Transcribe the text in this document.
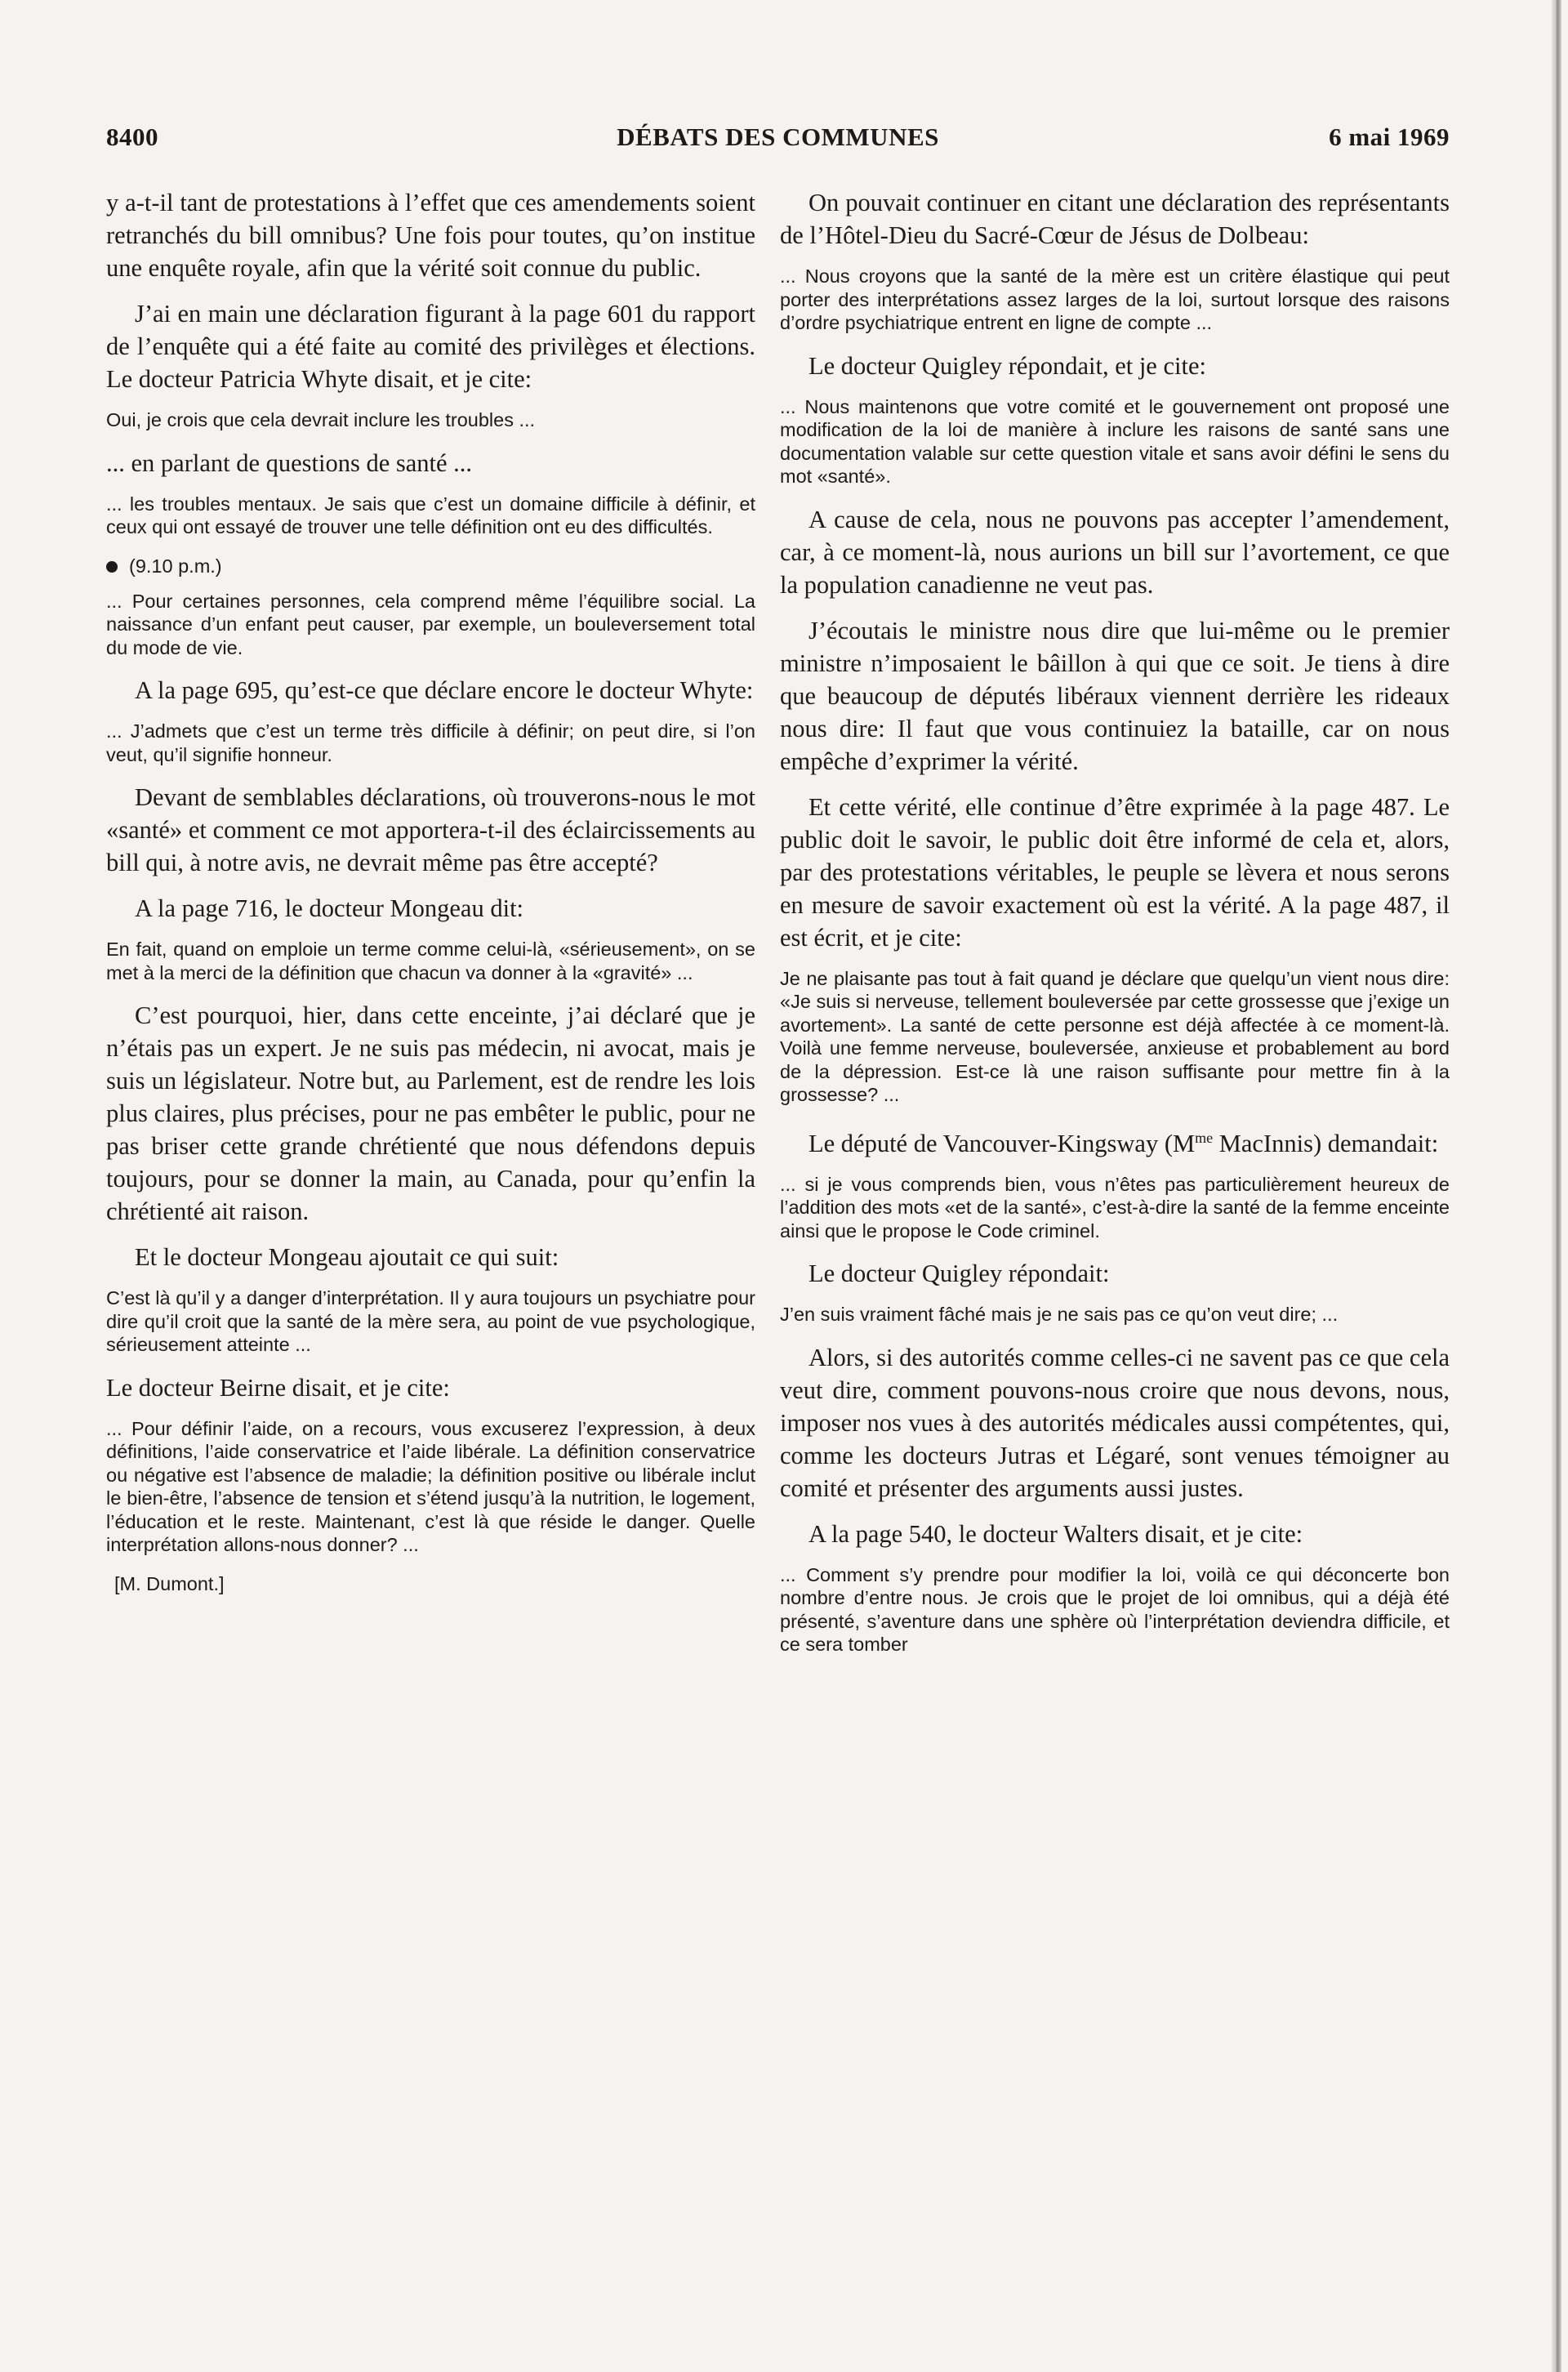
DÉBATS DES COMMUNES
8400	6 mai 1969

y a-t-il tant de protestations à l’effet que ces amendements soient retranchés du bill omnibus? Une fois pour toutes, qu’on institue une enquête royale, afin que la vérité soit connue du public.

J’ai en main une déclaration figurant à la page 601 du rapport de l’enquête qui a été faite au comité des privilèges et élections. Le docteur Patricia Whyte disait, et je cite:

Oui, je crois que cela devrait inclure les troubles ...

... en parlant de questions de santé ...

... les troubles mentaux. Je sais que c’est un domaine difficile à définir, et ceux qui ont essayé de trouver une telle définition ont eu des difficultés.

(9.10 p.m.)

... Pour certaines personnes, cela comprend même l’équilibre social. La naissance d’un enfant peut causer, par exemple, un bouleversement total du mode de vie.

A la page 695, qu’est-ce que déclare encore le docteur Whyte:

... J’admets que c’est un terme très difficile à définir; on peut dire, si l’on veut, qu’il signifie honneur.

Devant de semblables déclarations, où trouverons-nous le mot «santé» et comment ce mot apportera-t-il des éclaircissements au bill qui, à notre avis, ne devrait même pas être accepté?

A la page 716, le docteur Mongeau dit:

En fait, quand on emploie un terme comme celui-là, «sérieusement», on se met à la merci de la définition que chacun va donner à la «gravité» ...

C’est pourquoi, hier, dans cette enceinte, j’ai déclaré que je n’étais pas un expert. Je ne suis pas médecin, ni avocat, mais je suis un législateur. Notre but, au Parlement, est de rendre les lois plus claires, plus précises, pour ne pas embêter le public, pour ne pas briser cette grande chrétienté que nous défendons depuis toujours, pour se donner la main, au Canada, pour qu’enfin la chrétienté ait raison.

Et le docteur Mongeau ajoutait ce qui suit:

C’est là qu’il y a danger d’interprétation. Il y aura toujours un psychiatre pour dire qu’il croit que la santé de la mère sera, au point de vue psychologique, sérieusement atteinte ...

Le docteur Beirne disait, et je cite:

... Pour définir l’aide, on a recours, vous excuserez l’expression, à deux définitions, l’aide conservatrice et l’aide libérale. La définition conservatrice ou négative est l’absence de maladie; la définition positive ou libérale inclut le bien-être, l’absence de tension et s’étend jusqu’à la nutrition, le logement, l’éducation et le reste. Maintenant, c’est là que réside le danger. Quelle interprétation allons-nous donner? ...

[M. Dumont.]

On pouvait continuer en citant une déclaration des représentants de l’Hôtel-Dieu du Sacré-Cœur de Jésus de Dolbeau:

... Nous croyons que la santé de la mère est un critère élastique qui peut porter des interprétations assez larges de la loi, surtout lorsque des raisons d’ordre psychiatrique entrent en ligne de compte ...

Le docteur Quigley répondait, et je cite:

... Nous maintenons que votre comité et le gouvernement ont proposé une modification de la loi de manière à inclure les raisons de santé sans une documentation valable sur cette question vitale et sans avoir défini le sens du mot «santé».

A cause de cela, nous ne pouvons pas accepter l’amendement, car, à ce moment-là, nous aurions un bill sur l’avortement, ce que la population canadienne ne veut pas.

J’écoutais le ministre nous dire que lui-même ou le premier ministre n’imposaient le bâillon à qui que ce soit. Je tiens à dire que beaucoup de députés libéraux viennent derrière les rideaux nous dire: Il faut que vous continuiez la bataille, car on nous empêche d’exprimer la vérité.

Et cette vérité, elle continue d’être exprimée à la page 487. Le public doit le savoir, le public doit être informé de cela et, alors, par des protestations véritables, le peuple se lèvera et nous serons en mesure de savoir exactement où est la vérité. A la page 487, il est écrit, et je cite:

Je ne plaisante pas tout à fait quand je déclare que quelqu’un vient nous dire: «Je suis si nerveuse, tellement bouleversée par cette grossesse que j’exige un avortement». La santé de cette personne est déjà affectée à ce moment-là. Voilà une femme nerveuse, bouleversée, anxieuse et probablement au bord de la dépression. Est-ce là une raison suffisante pour mettre fin à la grossesse? ...

Le député de Vancouver-Kingsway ($M^{me}$ MacInnis) demandait:

... si je vous comprends bien, vous n’êtes pas particulièrement heureux de l’addition des mots «et de la santé», c’est-à-dire la santé de la femme enceinte ainsi que le propose le Code criminel.

Le docteur Quigley répondait:

J’en suis vraiment fâché mais je ne sais pas ce qu’on veut dire; ...

Alors, si des autorités comme celles-ci ne savent pas ce que cela veut dire, comment pouvons-nous croire que nous devons, nous, imposer nos vues à des autorités médicales aussi compétentes, qui, comme les docteurs Jutras et Légaré, sont venues témoigner au comité et présenter des arguments aussi justes.

A la page 540, le docteur Walters disait, et je cite:

... Comment s’y prendre pour modifier la loi, voilà ce qui déconcerte bon nombre d’entre nous. Je crois que le projet de loi omnibus, qui a déjà été présenté, s’aventure dans une sphère où l’interprétation deviendra difficile, et ce sera tomber
